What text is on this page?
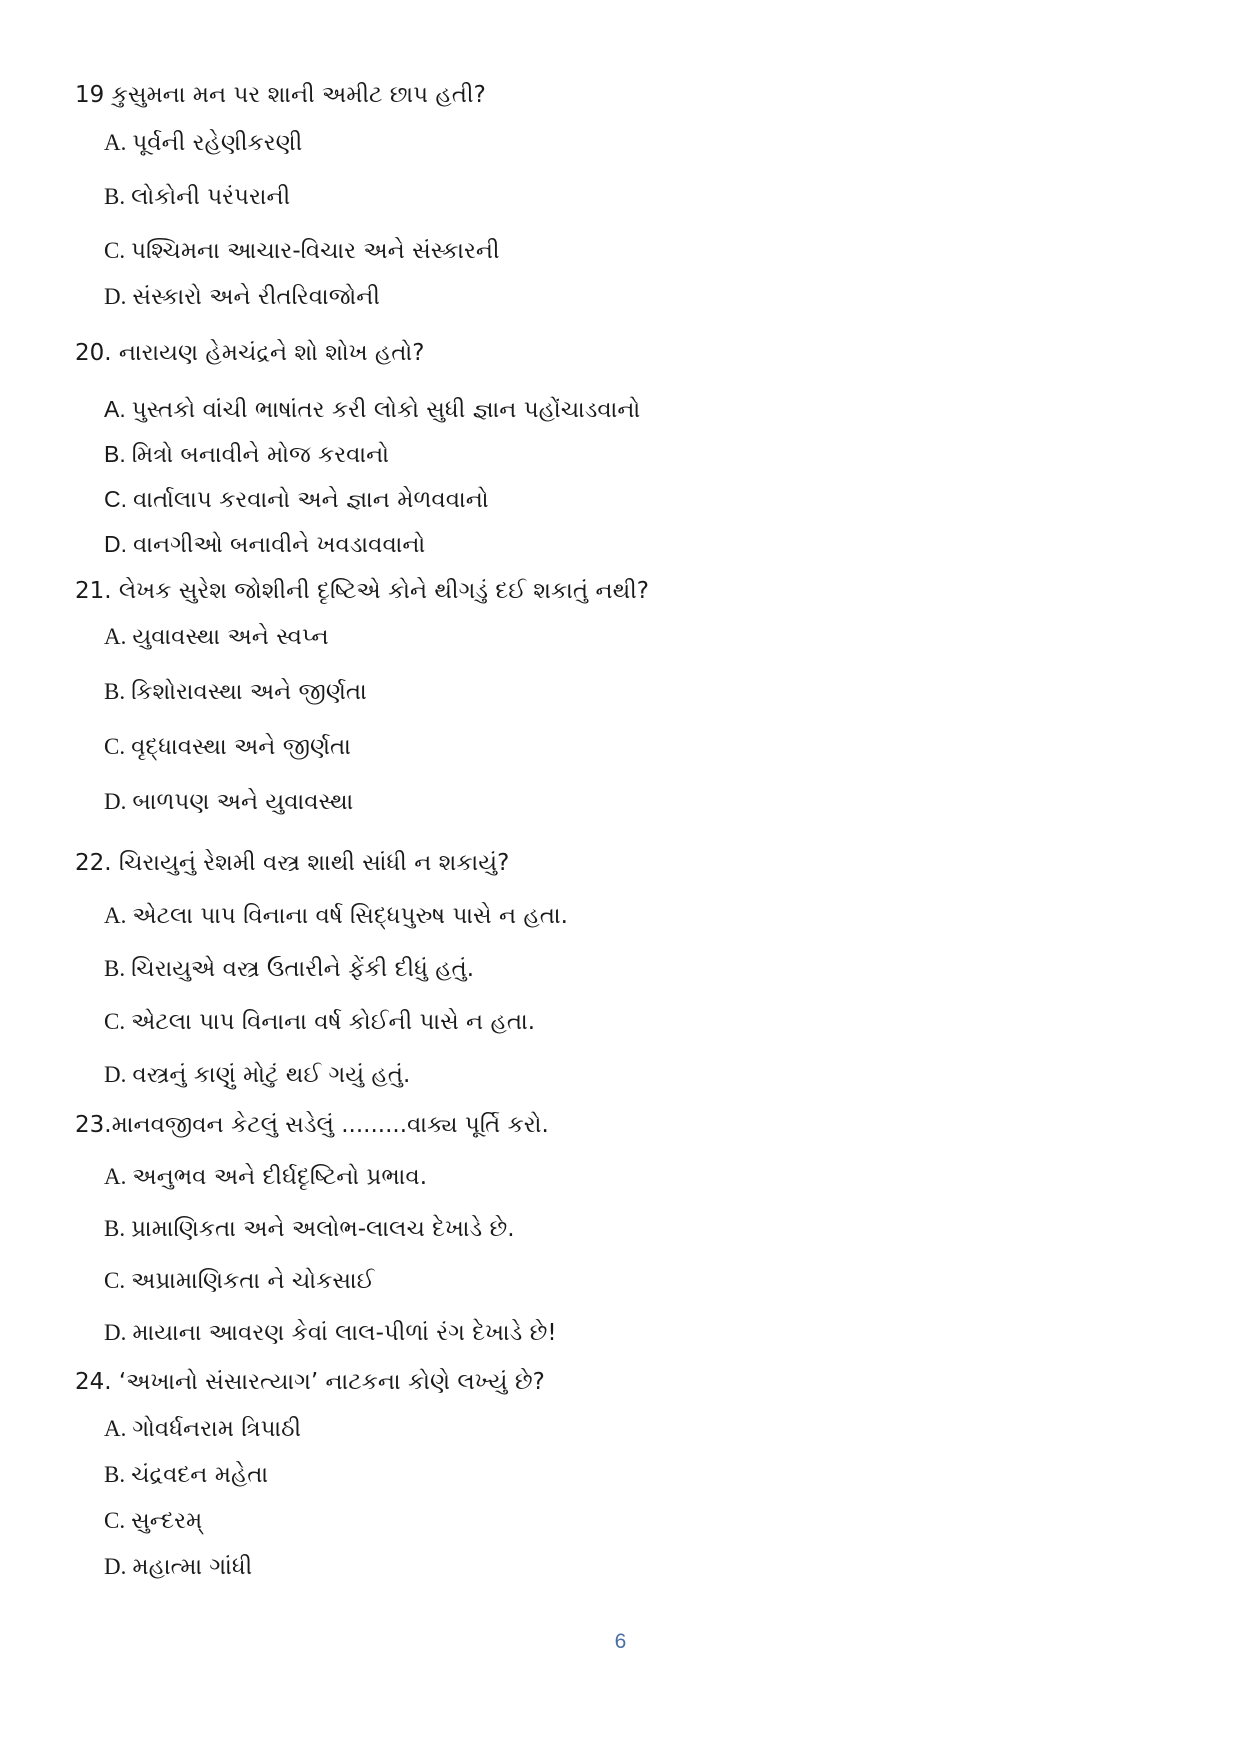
19 કુસુમના મન પર શાની અમીટ છાપ હતી?
A. પૂર્વની રહેણીકરણી
B. લોકોની પરંપરાની
C. પશ્ચિમના આચાર-વિચાર અને સંસ્કારની
D. સંસ્કારો અને રીતરિવાજોની
20. નારાયણ હેમચંદ્રને શો શોખ હતો?
A. પુસ્તકો વાંચી ભાષાંતર કરી લોકો સુધી જ્ઞાન પહોંચાડવાનો
B. મિત્રો બનાવીને મોજ કરવાનો
C. વાર્તાલાપ કરવાનો અને જ્ઞાન મેળવવાનો
D. વાનગીઓ બનાવીને ખવડાવવાનો
21. લેખક સુરેશ જોશીની દૃષ્ટિએ કોને થીગડું દઈ શકાતું નથી?
A. યુવાવસ્થા અને સ્વપ્ન
B. કિશોરાવસ્થા અને જીર્ણતા
C. વૃદ્ધાવસ્થા અને જીર્ણતા
D. બાળપણ અને યુવાવસ્થા
22. ચિરાયુનું રેશમી વસ્ત્ર શાથી સાંધી ન શકાયું?
A. એટલા પાપ વિનાના વર્ષ સિદ્ધપુરુષ પાસે ન હતા.
B. ચિરાયુએ વસ્ત્ર ઉતારીને ફેંકી દીધું હતું.
C. એટલા પાપ વિનાના વર્ષ કોઈની પાસે ન હતા.
D. વસ્ત્રનું કાણું મોટું થઈ ગયું હતું.
23.માનવજીવન કેટલું સડેલું .........વાક્ય પૂર્તિ કરો.
A. અનુભવ અને દીર્ઘદૃષ્ટિનો પ્રભાવ.
B. પ્રામાણિકતા અને અલોભ-લાલચ દેખાડે છે.
C. અપ્રામાણિકતા ને ચોકસાઈ
D. માયાના આવરણ કેવાં લાલ-પીળાં રંગ દેખાડે છે!
24. ‘અખાનો સંસારત્યાગ’ નાટકના કોણે લખ્યું છે?
A. ગોવર્ધનરામ ત્રિપાઠી
B. ચંદ્રવદન મહેતા
C. સુન્દરમ્
D. મહાત્મા ગાંધી
6
